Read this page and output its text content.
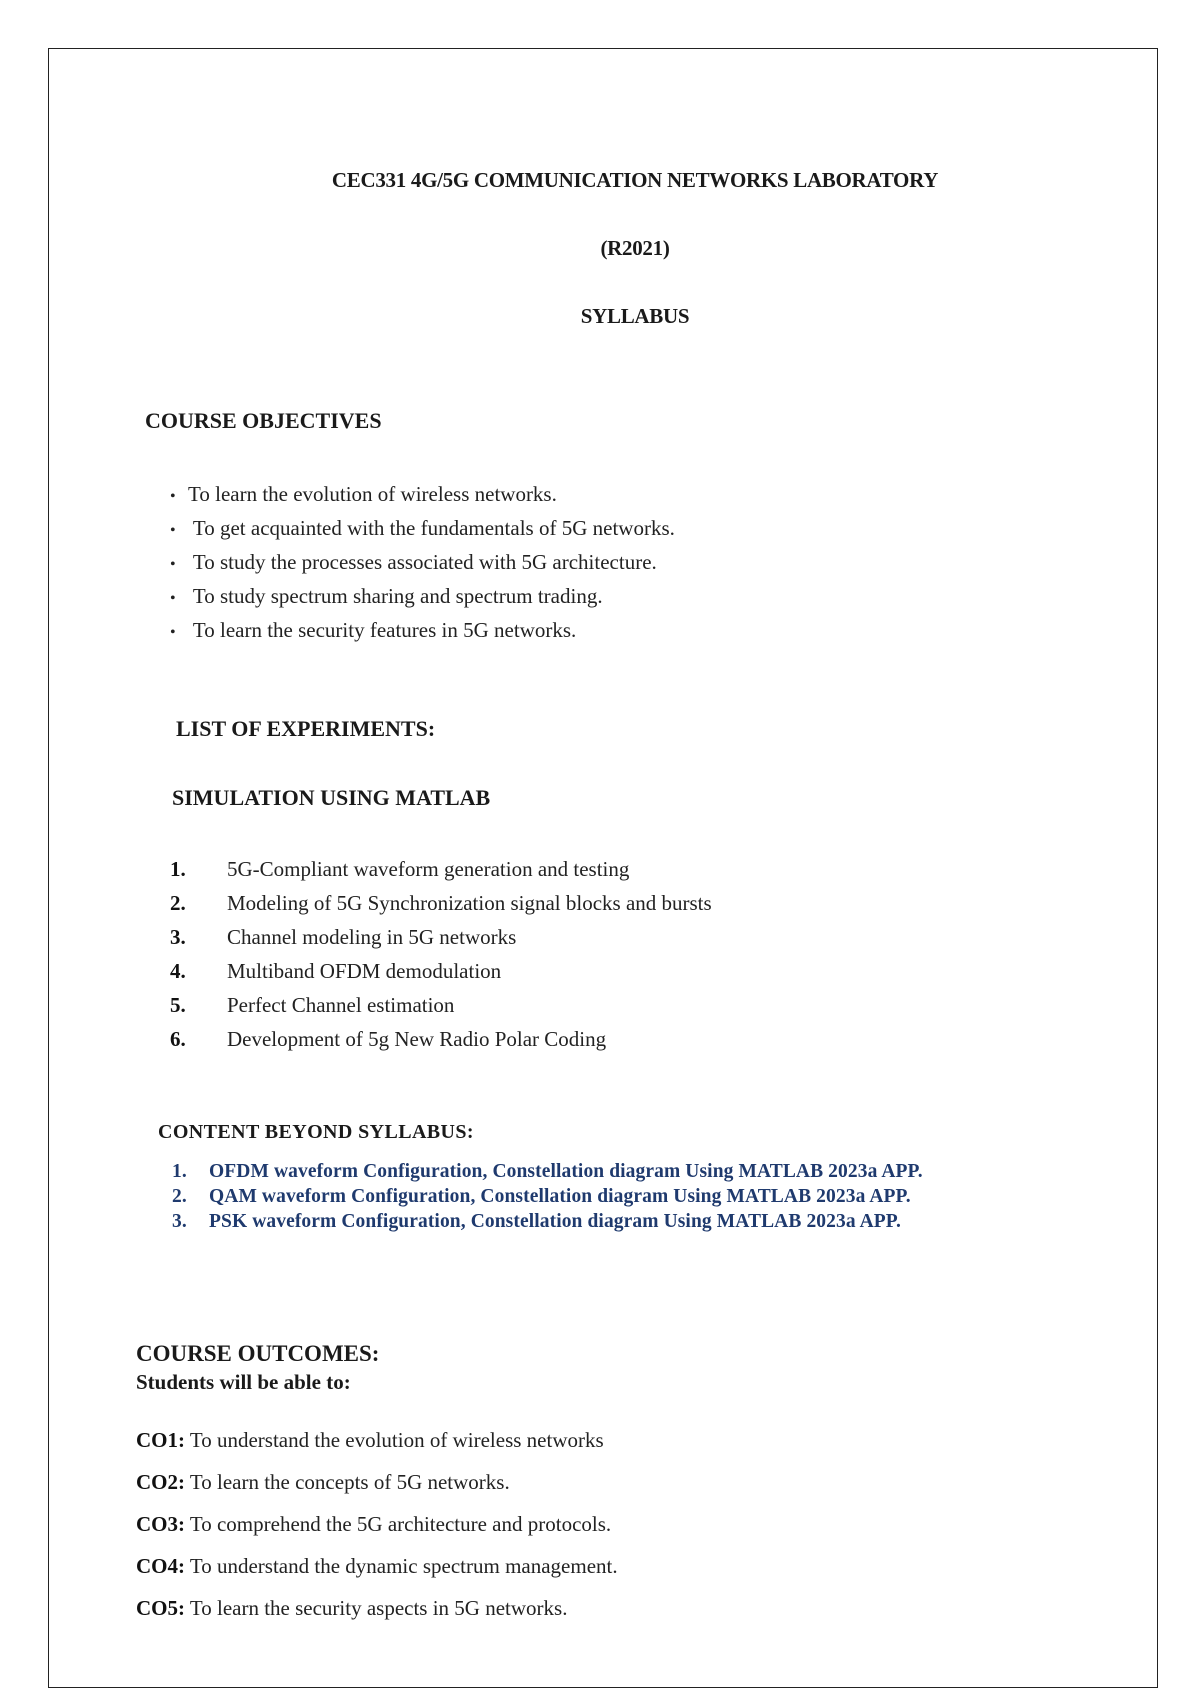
CEC331 4G/5G COMMUNICATION NETWORKS LABORATORY
(R2021)
SYLLABUS
COURSE OBJECTIVES
• To learn the evolution of wireless networks.
• To get acquainted with the fundamentals of 5G networks.
• To study the processes associated with 5G architecture.
• To study spectrum sharing and spectrum trading.
• To learn the security features in 5G networks.
LIST OF EXPERIMENTS:
SIMULATION USING MATLAB
1. 5G-Compliant waveform generation and testing
2. Modeling of 5G Synchronization signal blocks and bursts
3. Channel modeling in 5G networks
4. Multiband OFDM demodulation
5. Perfect Channel estimation
6. Development of 5g New Radio Polar Coding
CONTENT BEYOND SYLLABUS:
1. OFDM waveform Configuration, Constellation diagram Using MATLAB 2023a APP.
2. QAM waveform Configuration, Constellation diagram Using MATLAB 2023a APP.
3. PSK waveform Configuration, Constellation diagram Using MATLAB 2023a APP.
COURSE OUTCOMES:
Students will be able to:
CO1: To understand the evolution of wireless networks
CO2: To learn the concepts of 5G networks.
CO3: To comprehend the 5G architecture and protocols.
CO4: To understand the dynamic spectrum management.
CO5: To learn the security aspects in 5G networks.
